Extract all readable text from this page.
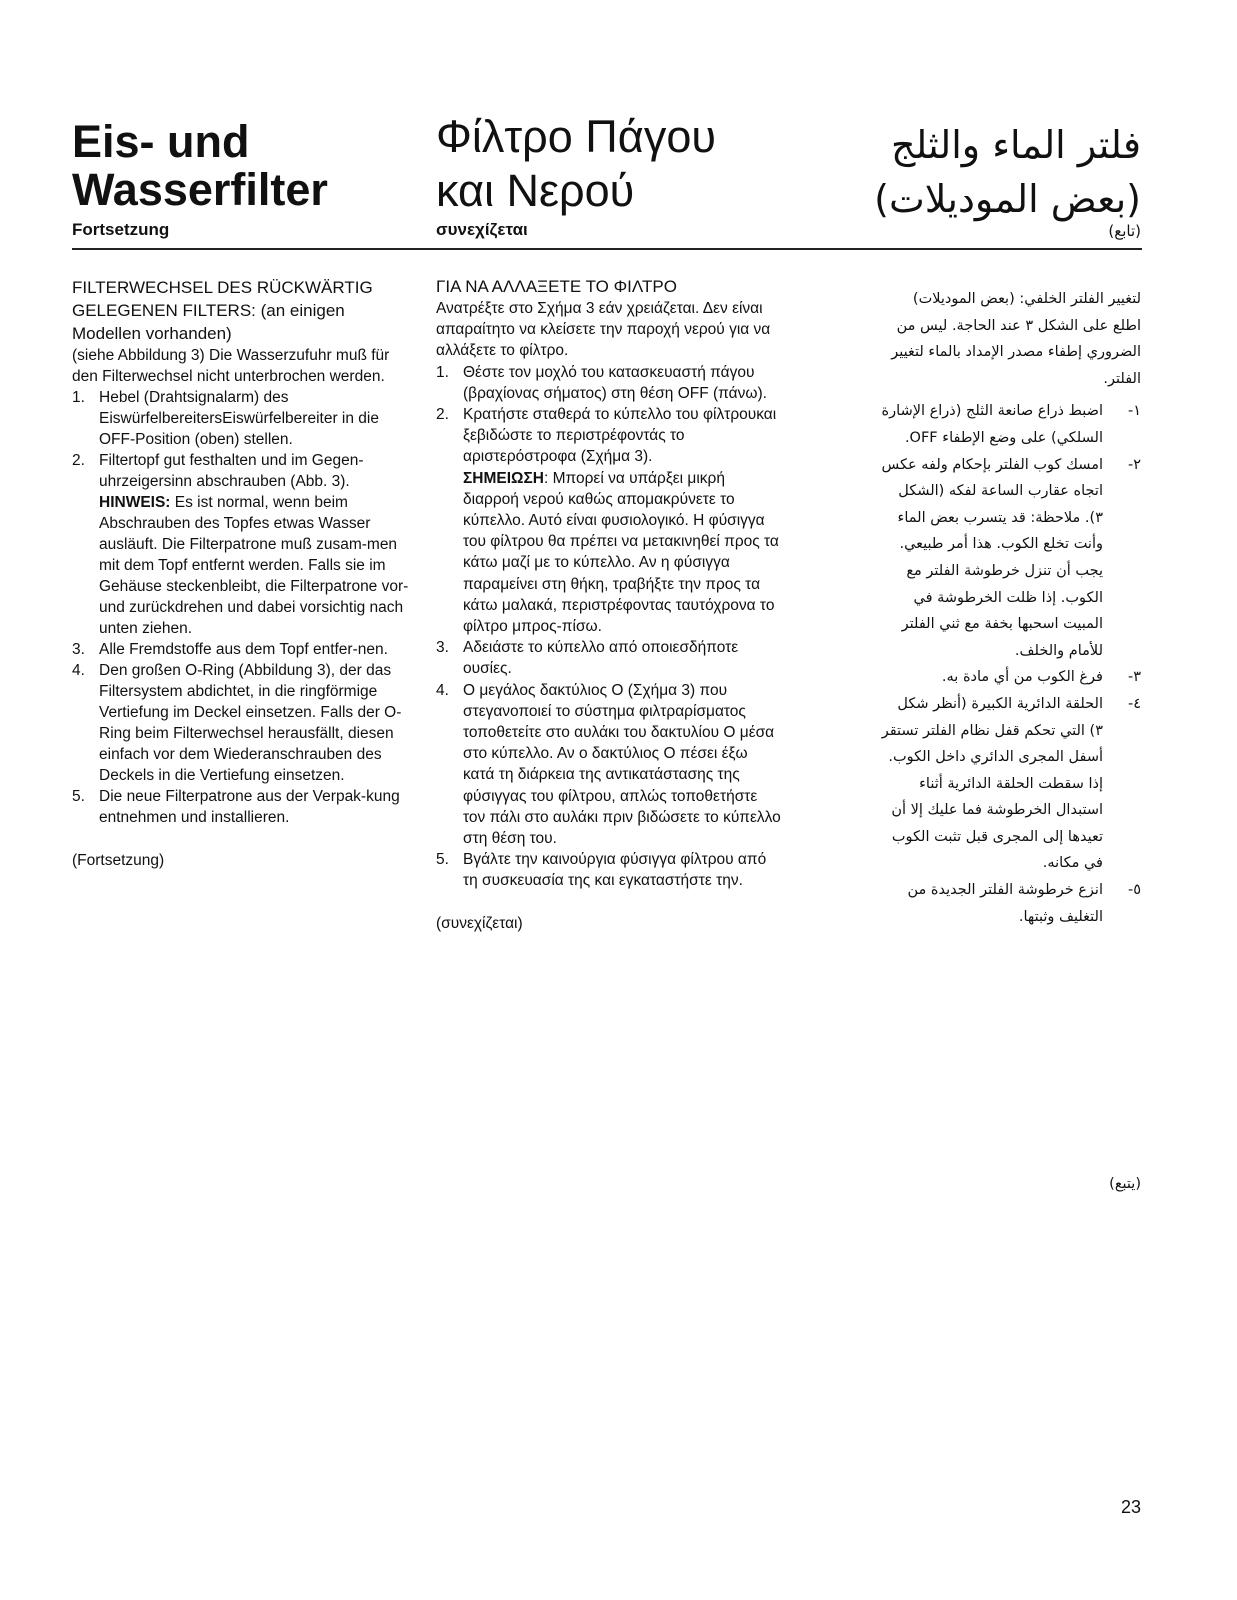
Eis- und
Wasserfilter
Φίλτρο Πάγου
και Νερού
فلتر الماء والثلج
(بعض الموديلات)
Fortsetzung	συνεχίζεται	(تابع)
FILTERWECHSEL DES RÜCKWÄRTIG
GELEGENEN FILTERS: (an einigen
Modellen vorhanden)

(siehe Abbildung 3) Die Wasserzufuhr muß für den Filterwechsel nicht unterbrochen werden.

1. Hebel (Drahtsignalarm) des EiswürfelbereitersEiswürfelbereiter in die OFF-Position (oben) stellen.
2. Filtertopf gut festhalten und im Gegen-uhrzeigersinn abschrauben (Abb. 3).
HINWEIS: Es ist normal, wenn beim Abschrauben des Topfes etwas Wasser ausläuft. Die Filterpatrone muß zusam-men mit dem Topf entfernt werden. Falls sie im Gehäuse steckenbleibt, die Filterpatrone vor- und zurückdrehen und dabei vorsichtig nach unten ziehen.
3. Alle Fremdstoffe aus dem Topf entfer-nen.
4. Den großen O-Ring (Abbildung 3), der das Filtersystem abdichtet, in die ringförmige Vertiefung im Deckel einsetzen. Falls der O-Ring beim Filterwechsel herausfällt, diesen einfach vor dem Wiederanschrauben des Deckels in die Vertiefung einsetzen.
5. Die neue Filterpatrone aus der Verpak-kung entnehmen und installieren.

(Fortsetzung)

ΓΙΑ ΝΑ ΑΛΛΑΞΕΤΕ ΤΟ ΦΙΛΤΡΟ

Ανατρέξτε στο Σχήμα 3 εάν χρειάζεται. Δεν είναι απαραίτητο να κλείσετε την παροχή νερού για να αλλάξετε το φίλτρο.

1. Θέστε τον μοχλό του κατασκευαστή πάγου (βραχίονας σήματος) στη θέση OFF (πάνω).
2. Κρατήστε σταθερά το κύπελλο του φίλτρουκαι ξεβιδώστε το περιστρέφοντάς το αριστερόστροφα (Σχήμα 3).
ΣΗΜΕΙΩΣΗ: Μπορεί να υπάρξει μικρή διαρροή νερού καθώς απομακρύνετε το κύπελλο. Αυτό είναι φυσιολογικό. Η φύσιγγα του φίλτρου θα πρέπει να μετακινηθεί προς τα κάτω μαζί με το κύπελλο. Αν η φύσιγγα παραμείνει στη θήκη, τραβήξτε την προς τα κάτω μαλακά, περιστρέφοντας ταυτόχρονα το φίλτρο μπρος-πίσω.
3. Αδειάστε το κύπελλο από οποιεσδήποτε ουσίες.
4. Ο μεγάλος δακτύλιος Ο (Σχήμα 3) που στεγανοποιεί το σύστημα φιλτραρίσματος τοποθετείτε στο αυλάκι του δακτυλίου Ο μέσα στο κύπελλο. Αν ο δακτύλιος Ο πέσει έξω κατά τη διάρκεια της αντικατάστασης της φύσιγγας του φίλτρου, απλώς τοποθετήστε τον πάλι στο αυλάκι πριν βιδώσετε το κύπελλο στη θέση του.
5. Βγάλτε την καινούργια φύσιγγα φίλτρου από τη συσκευασία της και εγκαταστήστε την.

(συνεχίζεται)

لتغيير الفلتر الخلفي: (بعض الموديلات)

اطلع على الشكل ٣ عند الحاجة. ليس من الضروري إطفاء مصدر الإمداد بالماء لتغيير الفلتر.

١-
اضبط ذراع صانعة الثلج (ذراع الإشارة السلكي) على وضع الإطفاء OFF.
٢-
امسك كوب الفلتر بإحكام ولفه عكس اتجاه عقارب الساعة لفكه (الشكل ٣). ملاحظة: قد يتسرب بعض الماء وأنت تخلع الكوب. هذا أمر طبيعي. يجب أن تنزل خرطوشة الفلتر مع الكوب. إذا ظلت الخرطوشة في المبيت اسحبها بخفة مع ثني الفلتر للأمام والخلف.
٣-
فرغ الكوب من أي مادة به.
٤-
الحلقة الدائرية الكبيرة (أنظر شكل ٣) التي تحكم قفل نظام الفلتر تستقر أسفل المجرى الدائري داخل الكوب. إذا سقطت الحلقة الدائرية أثناء استبدال الخرطوشة فما عليك إلا أن تعيدها إلى المجرى قبل تثبت الكوب في مكانه.
٥-
انزع خرطوشة الفلتر الجديدة من التغليف وثبتها.
(يتبع)
23
